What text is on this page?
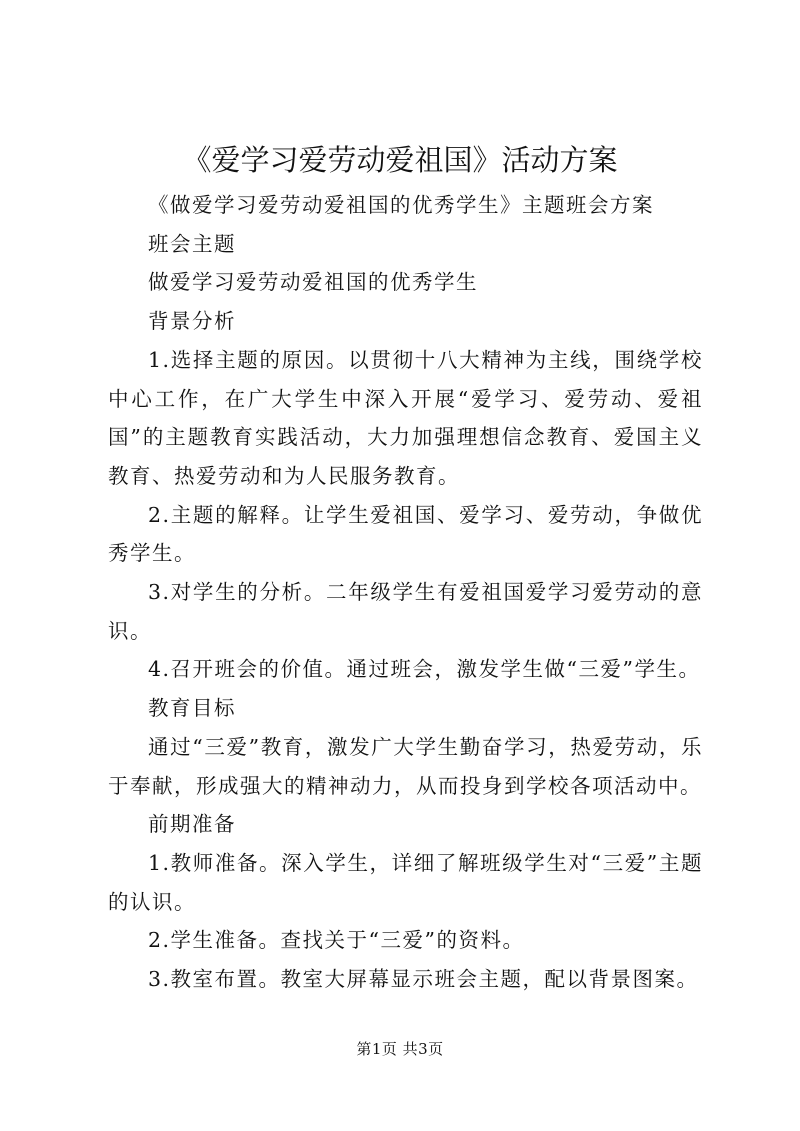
《爱学习爱劳动爱祖国》活动方案

《做爱学习爱劳动爱祖国的优秀学生》主题班会方案

班会主题

做爱学习爱劳动爱祖国的优秀学生

背景分析

1.选择主题的原因。以贯彻十八大精神为主线，围绕学校中心工作，在广大学生中深入开展“爱学习、爱劳动、爱祖国”的主题教育实践活动，大力加强理想信念教育、爱国主义教育、热爱劳动和为人民服务教育。

2.主题的解释。让学生爱祖国、爱学习、爱劳动，争做优秀学生。

3.对学生的分析。二年级学生有爱祖国爱学习爱劳动的意识。

4.召开班会的价值。通过班会，激发学生做“三爱”学生。

教育目标

通过“三爱”教育，激发广大学生勤奋学习，热爱劳动，乐于奉献，形成强大的精神动力，从而投身到学校各项活动中。

前期准备

1.教师准备。深入学生，详细了解班级学生对“三爱”主题的认识。

2.学生准备。查找关于“三爱”的资料。

3.教室布置。教室大屏幕显示班会主题，配以背景图案。

第1页 共3页
